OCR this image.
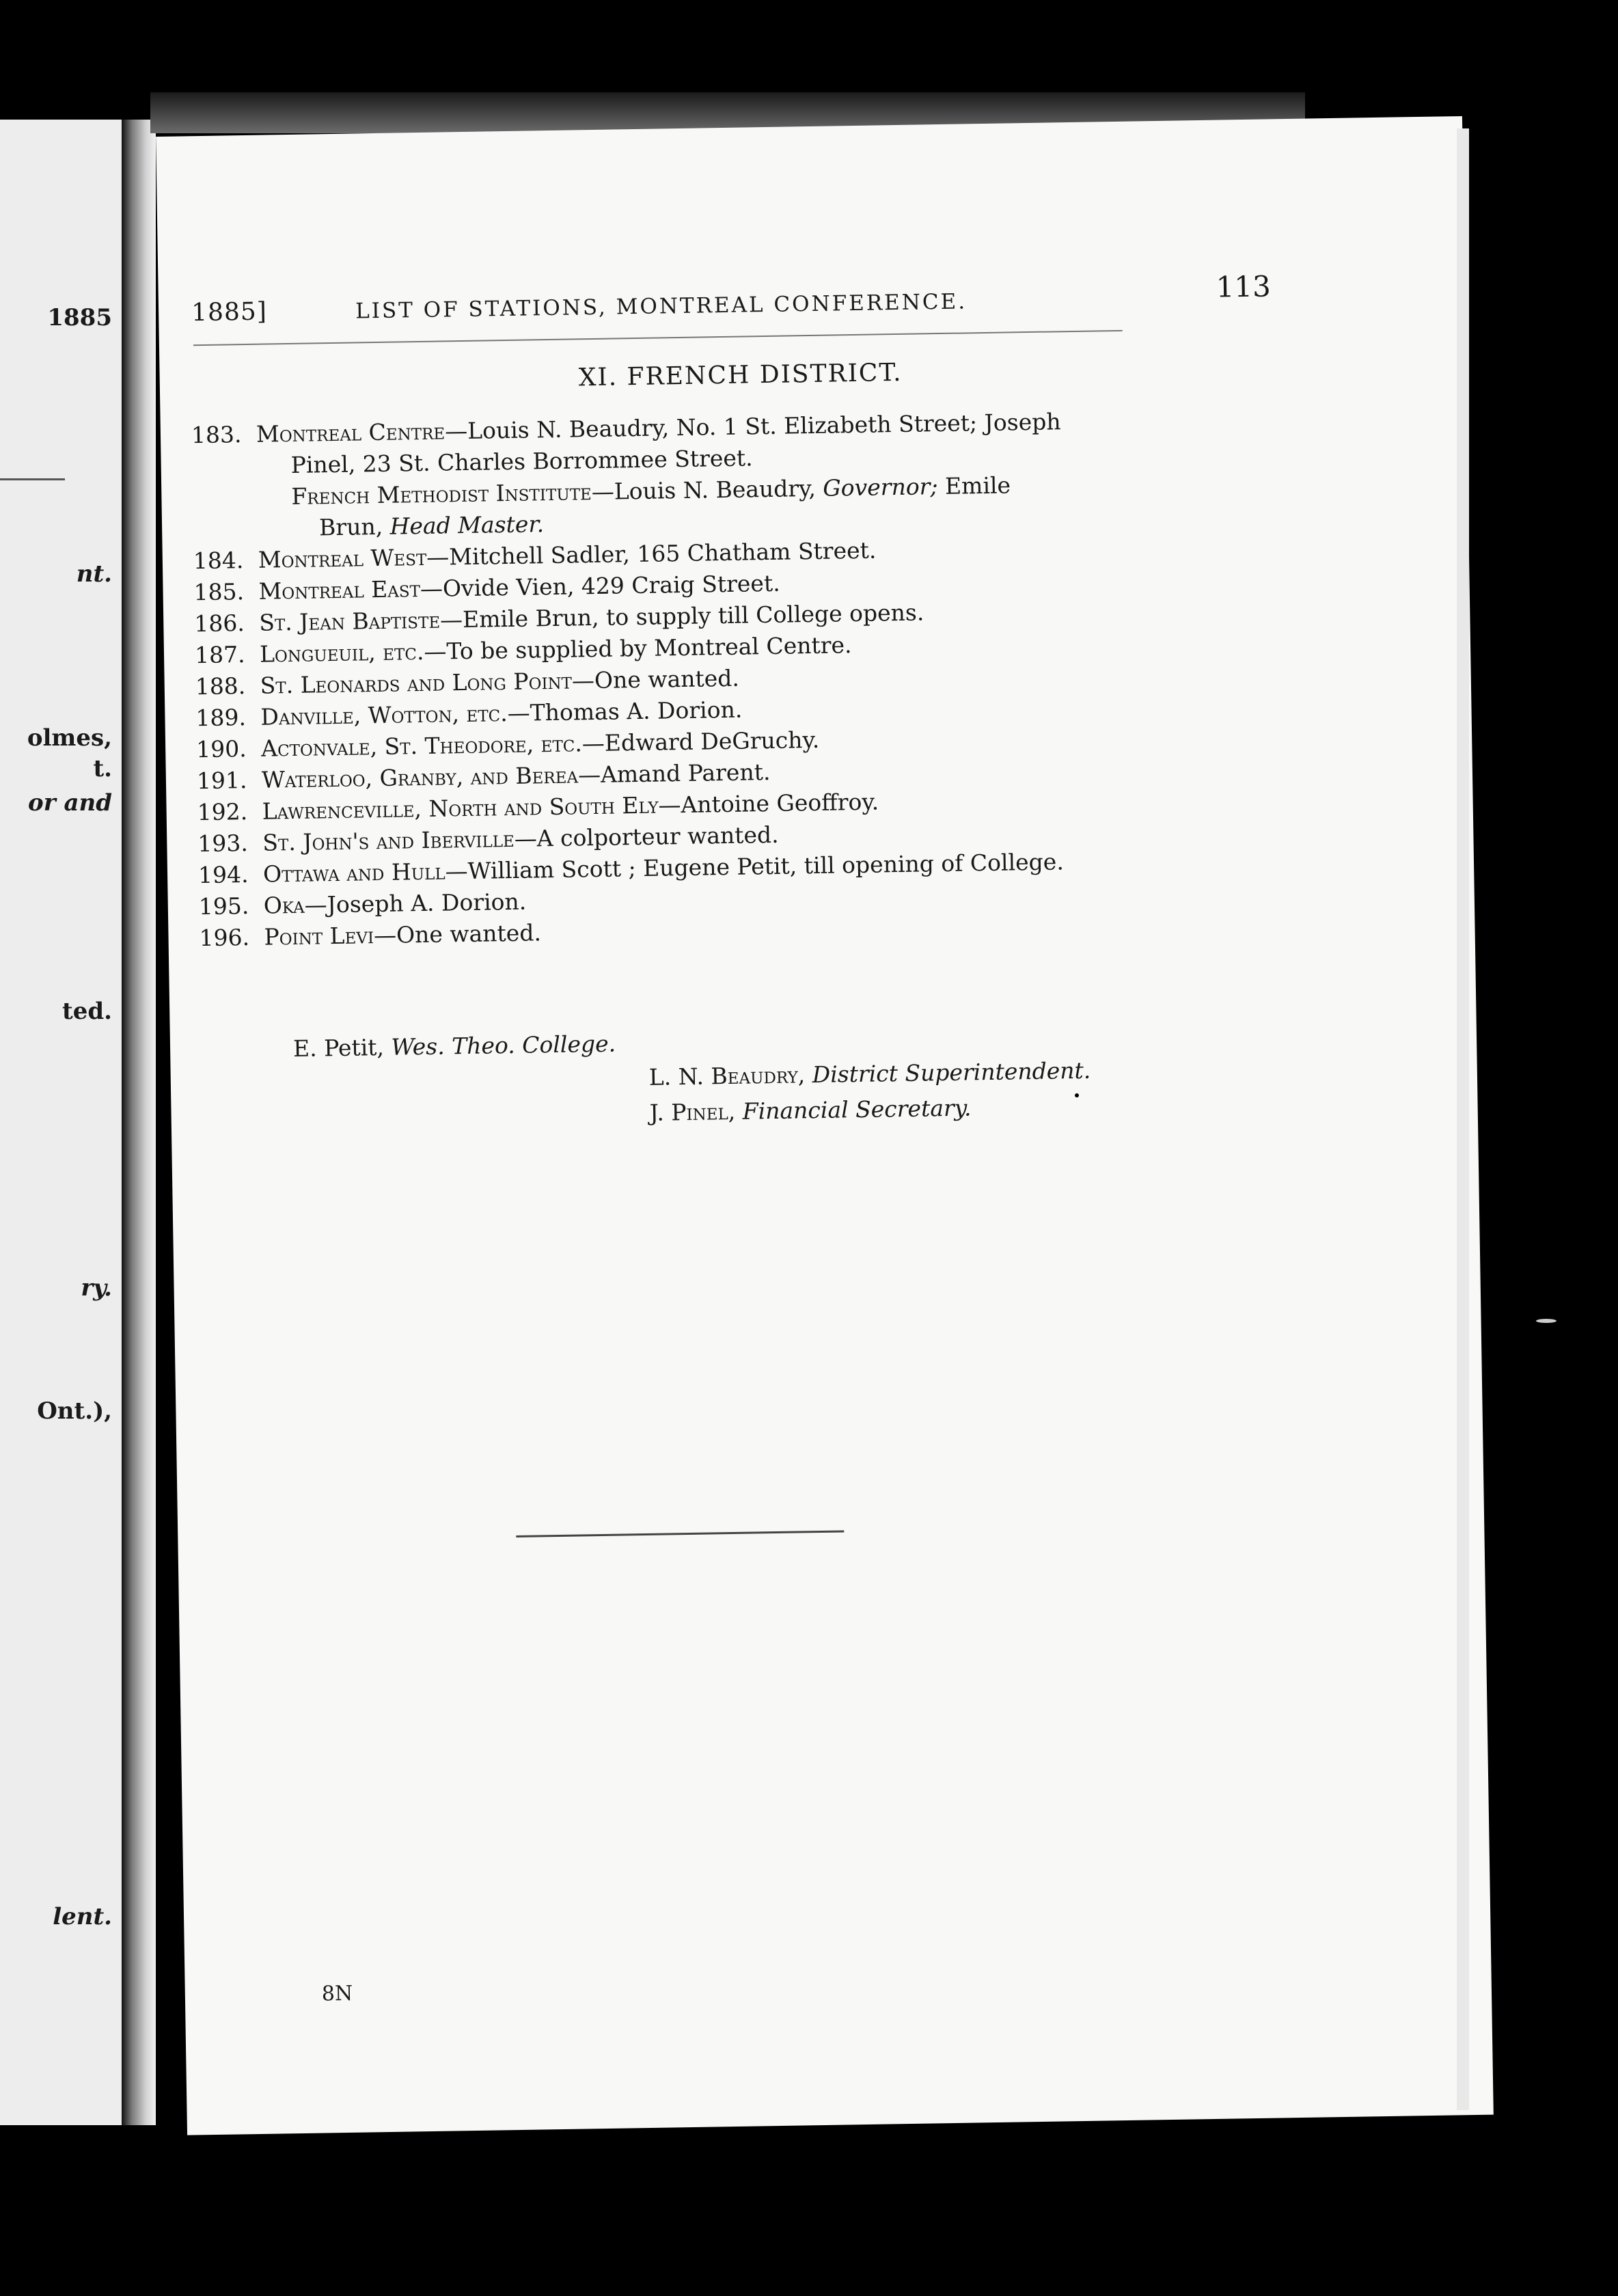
1885
nt.
olmes,
t.
or and
ted.
ry.
Ont.),
lent.
1885]	LIST OF STATIONS, MONTREAL CONFERENCE.
113
XI. FRENCH DISTRICT.
183. Montreal Centre—Louis N. Beaudry, No. 1 St. Elizabeth Street; Joseph
Pinel, 23 St. Charles Borrommee Street.
French Methodist Institute—Louis N. Beaudry, Governor; Emile
Brun, Head Master.
184. Montreal West—Mitchell Sadler, 165 Chatham Street.
185. Montreal East—Ovide Vien, 429 Craig Street.
186. St. Jean Baptiste—Emile Brun, to supply till College opens.
187. Longueuil, etc.—To be supplied by Montreal Centre.
188. St. Leonards and Long Point—One wanted.
189. Danville, Wotton, etc.—Thomas A. Dorion.
190. Actonvale, St. Theodore, etc.—Edward DeGruchy.
191. Waterloo, Granby, and Berea—Amand Parent.
192. Lawrenceville, North and South Ely—Antoine Geoffroy.
193. St. John's and Iberville—A colporteur wanted.
194. Ottawa and Hull—William Scott ; Eugene Petit, till opening of College.
195. Oka—Joseph A. Dorion.
196. Point Levi—One wanted.
E. Petit, Wes. Theo. College.
L. N. Beaudry, District Superintendent.
J. Pinel, Financial Secretary.
8N
